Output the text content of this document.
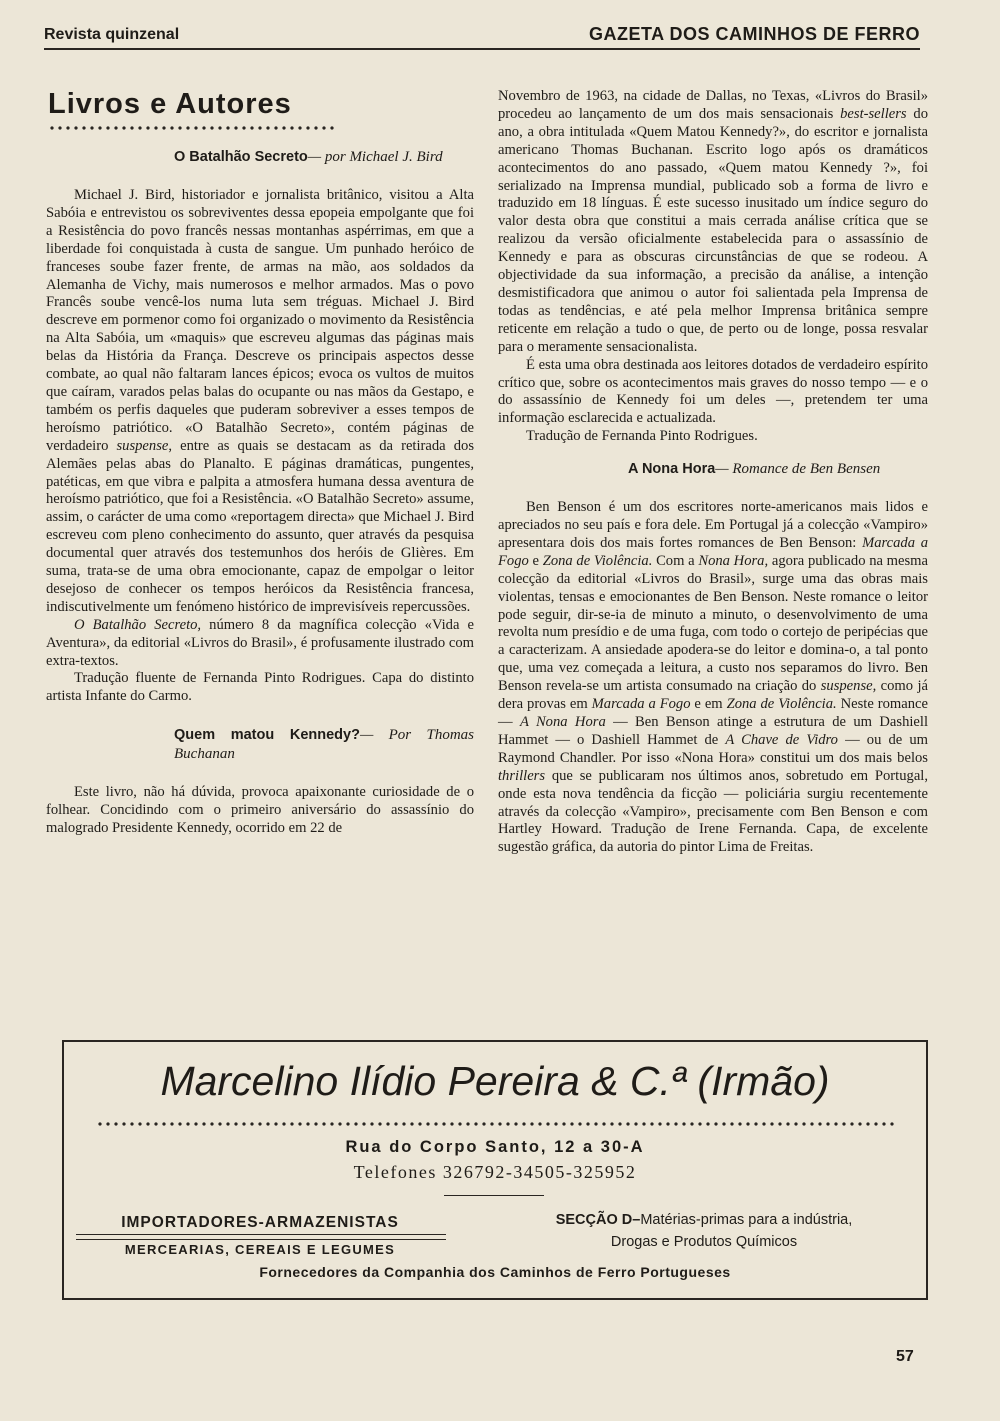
Revista quinzenal	GAZETA DOS CAMINHOS DE FERRO
Livros e Autores
O Batalhão Secreto— por Michael J. Bird

Michael J. Bird, historiador e jornalista britânico, visitou a Alta Sabóia e entrevistou os sobreviventes dessa epopeia empolgante que foi a Resistência do povo francês nessas montanhas aspérrimas, em que a liberdade foi conquistada à custa de sangue. Um punhado heróico de franceses soube fazer frente, de armas na mão, aos soldados da Alemanha de Vichy, mais numerosos e melhor armados. Mas o povo Francês soube vencê-los numa luta sem tréguas. Michael J. Bird descreve em pormenor como foi organizado o movimento da Resistência na Alta Sabóia, um «maquis» que escreveu algumas das páginas mais belas da História da França. Descreve os principais aspectos desse combate, ao qual não faltaram lances épicos; evoca os vultos de muitos que caíram, varados pelas balas do ocupante ou nas mãos da Gestapo, e também os perfis daqueles que puderam sobreviver a esses tempos de heroísmo patriótico. «O Batalhão Secreto», contém páginas de verdadeiro suspense, entre as quais se destacam as da retirada dos Alemães pelas abas do Planalto. E páginas dramáticas, pungentes, patéticas, em que vibra e palpita a atmosfera humana dessa aventura de heroísmo patriótico, que foi a Resistência. «O Batalhão Secreto» assume, assim, o carácter de uma como «reportagem directa» que Michael J. Bird escreveu com pleno conhecimento do assunto, quer através da pesquisa documental quer através dos testemunhos dos heróis de Glières. Em suma, trata-se de uma obra emocionante, capaz de empolgar o leitor desejoso de conhecer os tempos heróicos da Resistência francesa, indiscutivelmente um fenómeno histórico de imprevisíveis repercussões.

O Batalhão Secreto, número 8 da magnífica colecção «Vida e Aventura», da editorial «Livros do Brasil», é profusamente ilustrado com extra-textos.

Tradução fluente de Fernanda Pinto Rodrigues. Capa do distinto artista Infante do Carmo.

Quem matou Kennedy?— Por Thomas Buchanan

Este livro, não há dúvida, provoca apaixonante curiosidade de o folhear. Concidindo com o primeiro aniversário do assassínio do malogrado Presidente Kennedy, ocorrido em 22 de

Novembro de 1963, na cidade de Dallas, no Texas, «Livros do Brasil» procedeu ao lançamento de um dos mais sensacionais best-sellers do ano, a obra intitulada «Quem Matou Kennedy?», do escritor e jornalista americano Thomas Buchanan. Escrito logo após os dramáticos acontecimentos do ano passado, «Quem matou Kennedy ?», foi serializado na Imprensa mundial, publicado sob a forma de livro e traduzido em 18 línguas. É este sucesso inusitado um índice seguro do valor desta obra que constitui a mais cerrada análise crítica que se realizou da versão oficialmente estabelecida para o assassínio de Kennedy e para as obscuras circunstâncias de que se rodeou. A objectividade da sua informação, a precisão da análise, a intenção desmistificadora que animou o autor foi salientada pela Imprensa de todas as tendências, e até pela melhor Imprensa britânica sempre reticente em relação a tudo o que, de perto ou de longe, possa resvalar para o meramente sensacionalista.

É esta uma obra destinada aos leitores dotados de verdadeiro espírito crítico que, sobre os acontecimentos mais graves do nosso tempo — e o do assassínio de Kennedy foi um deles —, pretendem ter uma informação esclarecida e actualizada.

Tradução de Fernanda Pinto Rodrigues.

A Nona Hora— Romance de Ben Bensen

Ben Benson é um dos escritores norte-americanos mais lidos e apreciados no seu país e fora dele. Em Portugal já a colecção «Vampiro» apresentara dois dos mais fortes romances de Ben Benson: Marcada a Fogo e Zona de Violência. Com a Nona Hora, agora publicado na mesma colecção da editorial «Livros do Brasil», surge uma das obras mais violentas, tensas e emocionantes de Ben Benson. Neste romance o leitor pode seguir, dir-se-ia de minuto a minuto, o desenvolvimento de uma revolta num presídio e de uma fuga, com todo o cortejo de peripécias que a caracterizam. A ansiedade apodera-se do leitor e domina-o, a tal ponto que, uma vez começada a leitura, a custo nos separamos do livro. Ben Benson revela-se um artista consumado na criação do suspense, como já dera provas em Marcada a Fogo e em Zona de Violência. Neste romance — A Nona Hora — Ben Benson atinge a estrutura de um Dashiell Hammet — o Dashiell Hammet de A Chave de Vidro — ou de um Raymond Chandler. Por isso «Nona Hora» constitui um dos mais belos thrillers que se publicaram nos últimos anos, sobretudo em Portugal, onde esta nova tendência da ficção — policiária surgiu recentemente através da colecção «Vampiro», precisamente com Ben Benson e com Hartley Howard. Tradução de Irene Fernanda. Capa, de excelente sugestão gráfica, da autoria do pintor Lima de Freitas.

Marcelino Ilídio Pereira & C.ª (Irmão)
Rua do Corpo Santo, 12 a 30-A
Telefones 326792-34505-325952
IMPORTADORES-ARMAZENISTAS
MERCEARIAS, CEREAIS E LEGUMES
SECÇÃO D–Matérias-primas para a indústria,
Drogas e Produtos Químicos
Fornecedores da Companhia dos Caminhos de Ferro Portugueses
57
